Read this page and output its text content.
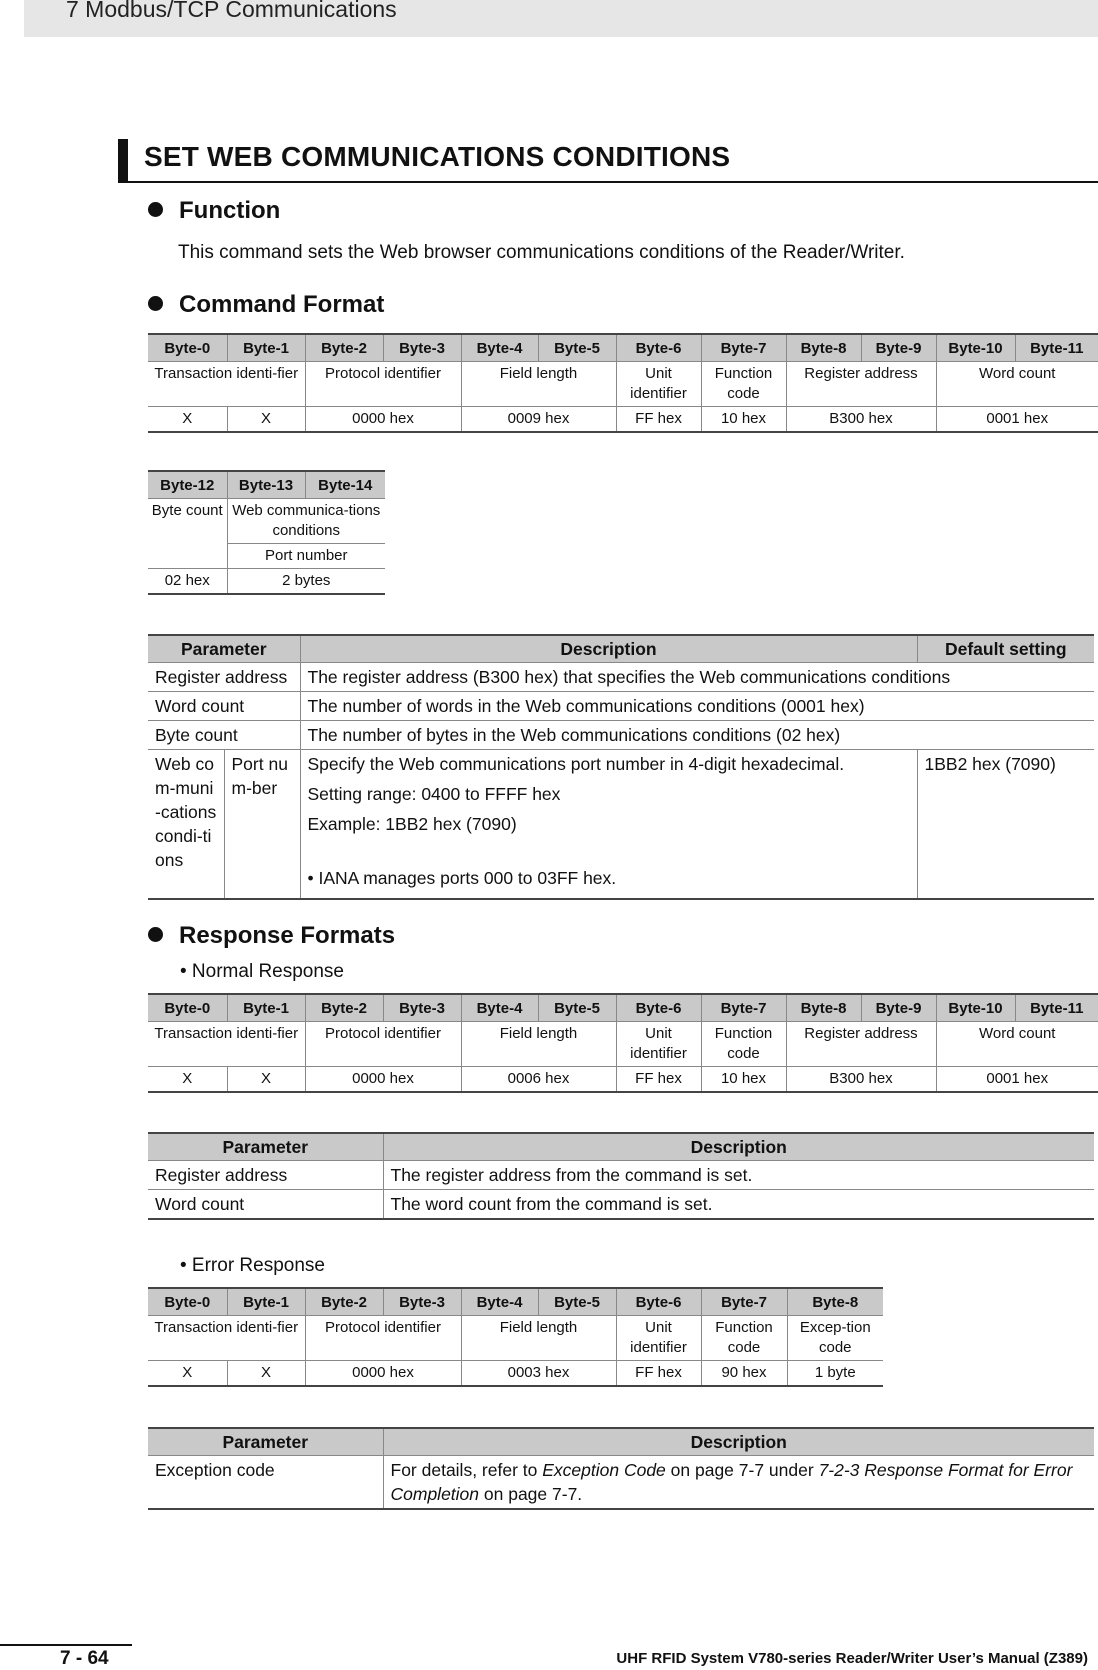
7 Modbus/TCP Communications
SET WEB COMMUNICATIONS CONDITIONS
Function
This command sets the Web browser communications conditions of the Reader/Writer.
Command Format
Byte-0	Byte-1	Byte-2	Byte-3	Byte-4	Byte-5	Byte-6	Byte-7	Byte-8	Byte-9	Byte-10	Byte-11
Transaction identi-fier		Protocol identifier		Field length		Unit identifier	Function code	Register address		Word count	
X	X	0000 hex		0009 hex		FF hex	10 hex	B300 hex		0001 hex	
Byte-12	Byte-13	Byte-14
Byte count	Web communica-tions conditions	
	Port number	
02 hex	2 bytes	
Parameter		Description	Default setting
Register address		The register address (B300 hex) that specifies the Web communications conditions	
Word count		The number of words in the Web communications conditions (0001 hex)	
Byte count		The number of bytes in the Web communications conditions (02 hex)	
Web com-muni-cations condi-tions	Port num-ber	Specify the Web communications port number in 4-digit hexadecimal.

Setting range: 0400 to FFFF hex

Example: 1BB2 hex (7090)

• IANA manages ports 000 to 03FF hex.	1BB2 hex (7090)
Response Formats
• Normal Response
Byte-0	Byte-1	Byte-2	Byte-3	Byte-4	Byte-5	Byte-6	Byte-7	Byte-8	Byte-9	Byte-10	Byte-11
Transaction identi-fier		Protocol identifier		Field length		Unit identifier	Function code	Register address		Word count	
X	X	0000 hex		0006 hex		FF hex	10 hex	B300 hex		0001 hex	
Parameter	Description
Register address	The register address from the command is set.
Word count	The word count from the command is set.
• Error Response
Byte-0	Byte-1	Byte-2	Byte-3	Byte-4	Byte-5	Byte-6	Byte-7	Byte-8
Transaction identi-fier		Protocol identifier		Field length		Unit identifier	Function code	Excep-tion code
X	X	0000 hex		0003 hex		FF hex	90 hex	1 byte
Parameter	Description
Exception code	For details, refer to Exception Code on page 7-7 under 7-2-3 Response Format for Error Completion on page 7-7.
7 - 64	UHF RFID System V780-series Reader/Writer User’s Manual (Z389)
